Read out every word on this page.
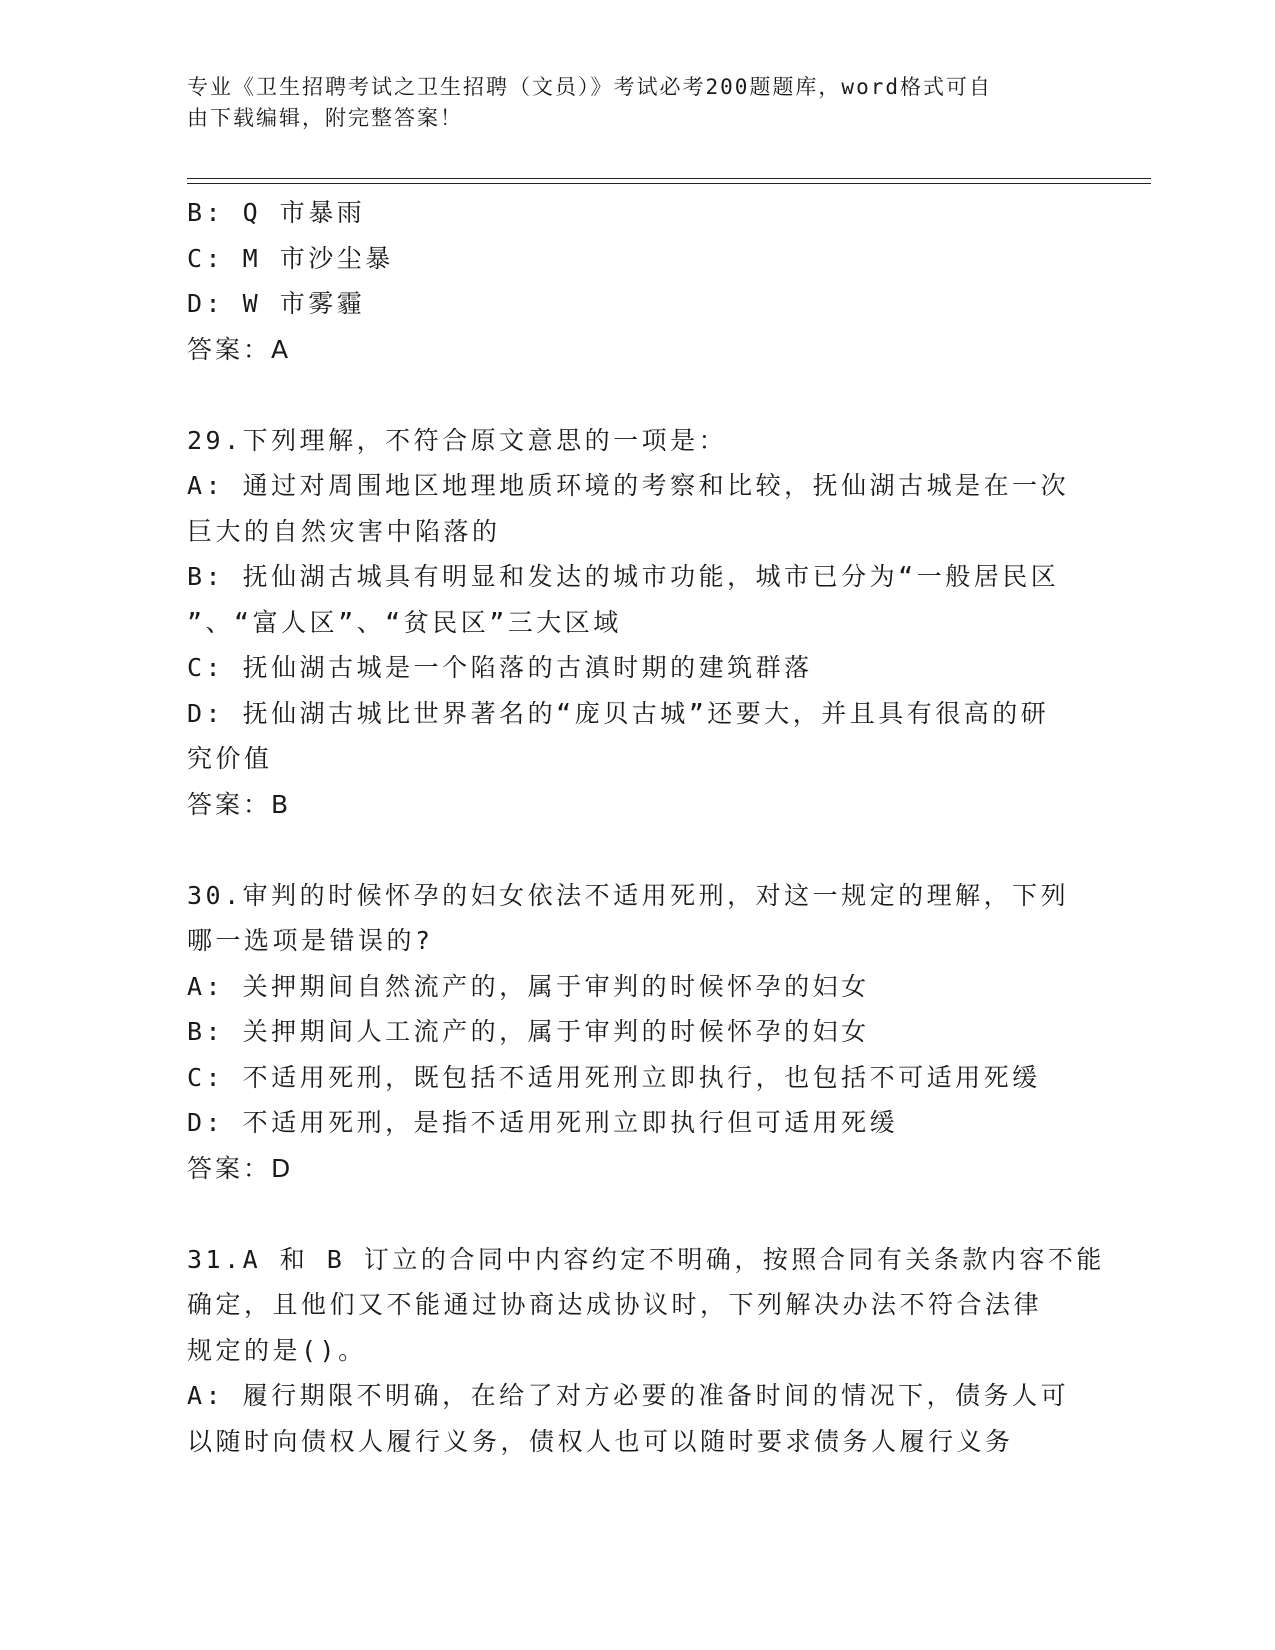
专业《卫生招聘考试之卫生招聘（文员）》考试必考200题题库，word格式可自
由下载编辑，附完整答案！
B: Q 市暴雨
C: M 市沙尘暴
D: W 市雾霾
答案：A
29.下列理解，不符合原文意思的一项是：
A: 通过对周围地区地理地质环境的考察和比较，抚仙湖古城是在一次
巨大的自然灾害中陷落的
B: 抚仙湖古城具有明显和发达的城市功能，城市已分为“一般居民区
”、“富人区”、“贫民区”三大区域
C: 抚仙湖古城是一个陷落的古滇时期的建筑群落
D: 抚仙湖古城比世界著名的“庞贝古城”还要大，并且具有很高的研
究价值
答案：B
30.审判的时候怀孕的妇女依法不适用死刑，对这一规定的理解，下列
哪一选项是错误的?
A: 关押期间自然流产的，属于审判的时候怀孕的妇女
B: 关押期间人工流产的，属于审判的时候怀孕的妇女
C: 不适用死刑，既包括不适用死刑立即执行，也包括不可适用死缓
D: 不适用死刑，是指不适用死刑立即执行但可适用死缓
答案：D
31.A 和 B 订立的合同中内容约定不明确，按照合同有关条款内容不能
确定，且他们又不能通过协商达成协议时，下列解决办法不符合法律
规定的是()。
A: 履行期限不明确，在给了对方必要的准备时间的情况下，债务人可
以随时向债权人履行义务，债权人也可以随时要求债务人履行义务
